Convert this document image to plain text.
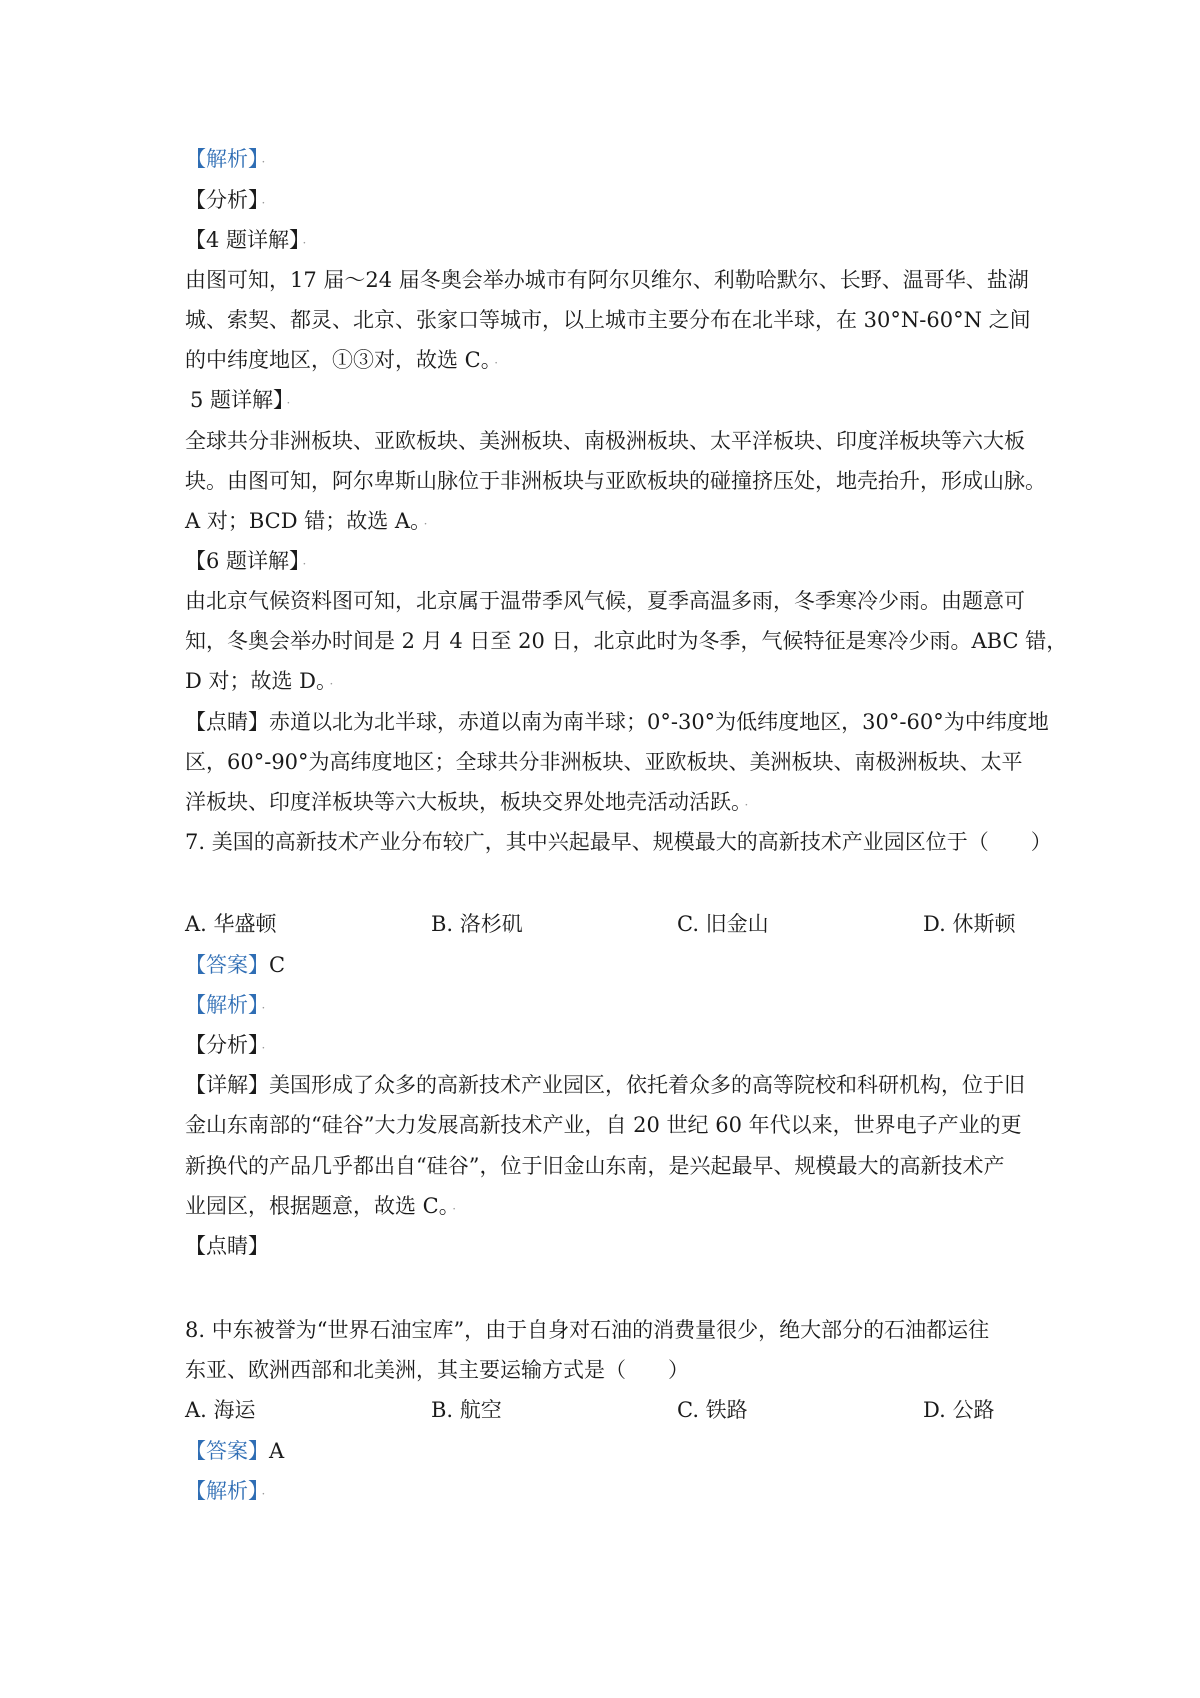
【解析】 ·
【分析】 ·
【4 题详解】 ·
由图可知，17 届～24 届冬奥会举办城市有阿尔贝维尔、利勒哈默尔、长野、温哥华、盐湖
城、索契、都灵、北京、张家口等城市，以上城市主要分布在北半球，在 30°N-60°N 之间
的中纬度地区，①③对，故选 C。 ·
5 题详解】 ·
全球共分非洲板块、亚欧板块、美洲板块、南极洲板块、太平洋板块、印度洋板块等六大板
块。由图可知，阿尔卑斯山脉位于非洲板块与亚欧板块的碰撞挤压处，地壳抬升，形成山脉。
A 对；BCD 错；故选 A。 ·
【6 题详解】 ·
由北京气候资料图可知，北京属于温带季风气候，夏季高温多雨，冬季寒冷少雨。由题意可
知，冬奥会举办时间是 2 月 4 日至 20 日，北京此时为冬季，气候特征是寒冷少雨。ABC 错，
D 对；故选 D。 ·
【点睛】赤道以北为北半球，赤道以南为南半球；0°-30°为低纬度地区，30°-60°为中纬度地
区，60°-90°为高纬度地区；全球共分非洲板块、亚欧板块、美洲板块、南极洲板块、太平
洋板块、印度洋板块等六大板块，板块交界处地壳活动活跃。 ·
7. 美国的高新技术产业分布较广，其中兴起最早、规模最大的高新技术产业园区位于（　　）
A. 华盛顿	B. 洛杉矶	C. 旧金山	D. 休斯顿
【答案】C
【解析】 ·
【分析】 ·
【详解】美国形成了众多的高新技术产业园区，依托着众多的高等院校和科研机构，位于旧
金山东南部的“硅谷”大力发展高新技术产业，自 20 世纪 60 年代以来，世界电子产业的更
新换代的产品几乎都出自“硅谷”，位于旧金山东南，是兴起最早、规模最大的高新技术产
业园区，根据题意，故选 C。 ·
【点睛】
8. 中东被誉为“世界石油宝库”，由于自身对石油的消费量很少，绝大部分的石油都运往
东亚、欧洲西部和北美洲，其主要运输方式是（　　）
A. 海运	B. 航空	C. 铁路	D. 公路
【答案】A
【解析】 ·
